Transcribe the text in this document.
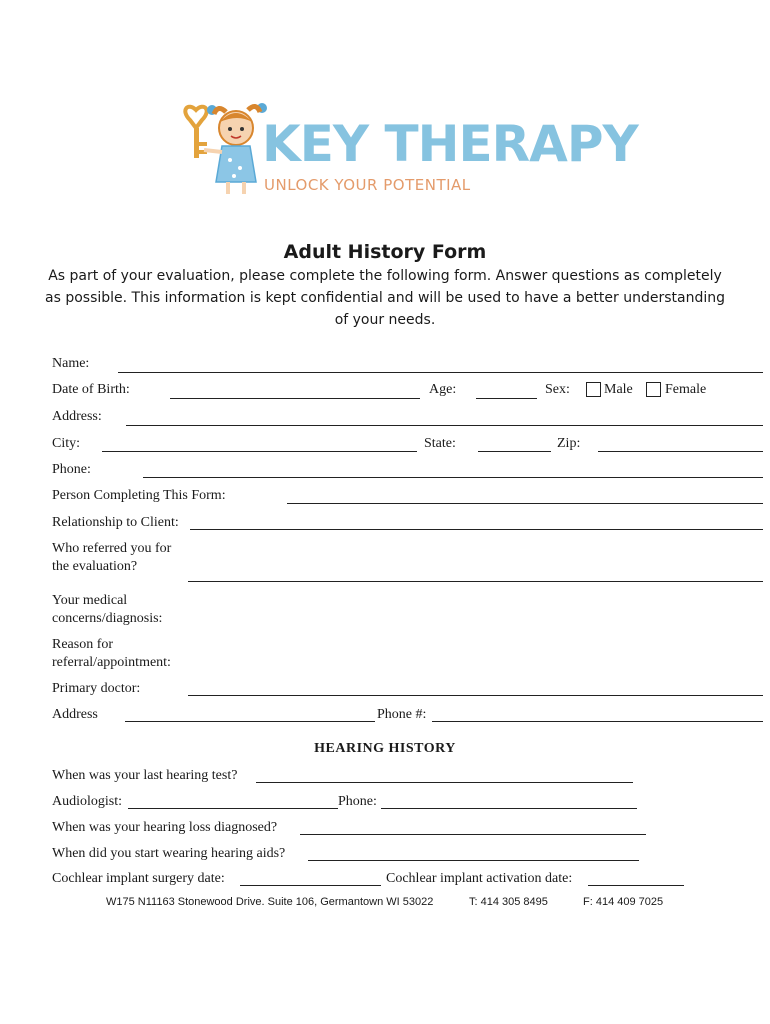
KEY THERAPY
UNLOCK YOUR POTENTIAL
Adult History Form
As part of your evaluation, please complete the following form. Answer questions as completely as possible. This information is kept confidential and will be used to have a better understanding of your needs.
Name:
Date of Birth:	Age:	Sex: Male Female
Address:
City:	State:	Zip:
Phone:
Person Completing This Form:
Relationship to Client:
Who referred you for
the evaluation?
Your medical
concerns/diagnosis:
Reason for
referral/appointment:
Primary doctor:
Address	Phone #:
HEARING HISTORY
When was your last hearing test?
Audiologist:	Phone:
When was your hearing loss diagnosed?
When did you start wearing hearing aids?
Cochlear implant surgery date:	Cochlear implant activation date:
W175 N11163 Stonewood Drive. Suite 106, Germantown WI 53022	T: 414 305 8495	F: 414 409 7025
